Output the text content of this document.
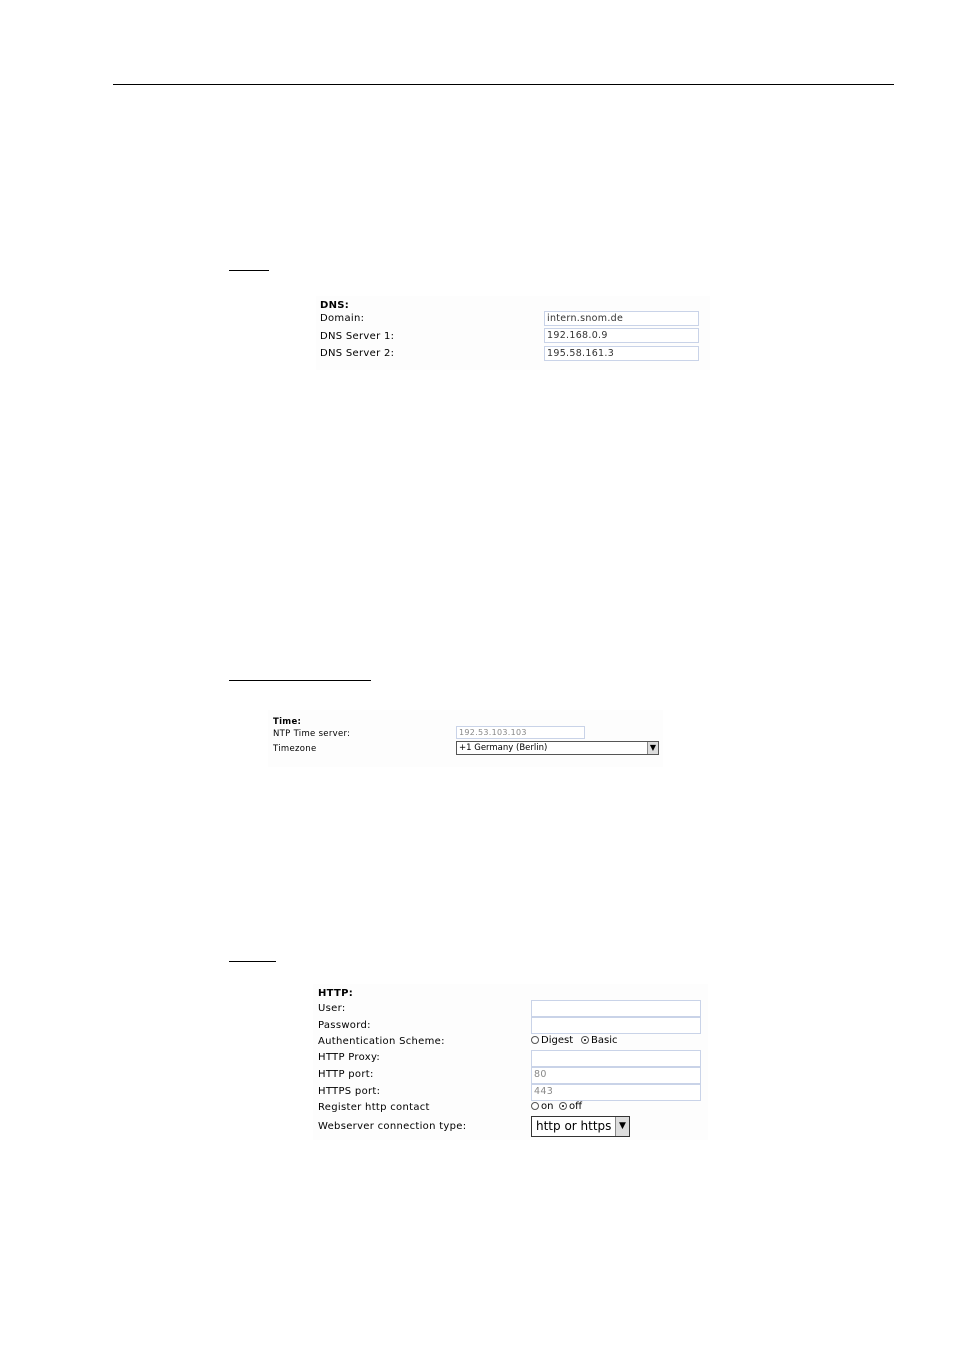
DNS:
Domain:	intern.snom.de
DNS Server 1:	192.168.0.9
DNS Server 2:	195.58.161.3
Time:
NTP Time server:	192.53.103.103
Timezone	+1 Germany (Berlin)	▼
HTTP:
User:
Password:
Authentication Scheme:	Digest	Basic
HTTP Proxy:
HTTP port:	80
HTTPS port:	443
Register http contact	on	off
Webserver connection type:	http or https ▼
